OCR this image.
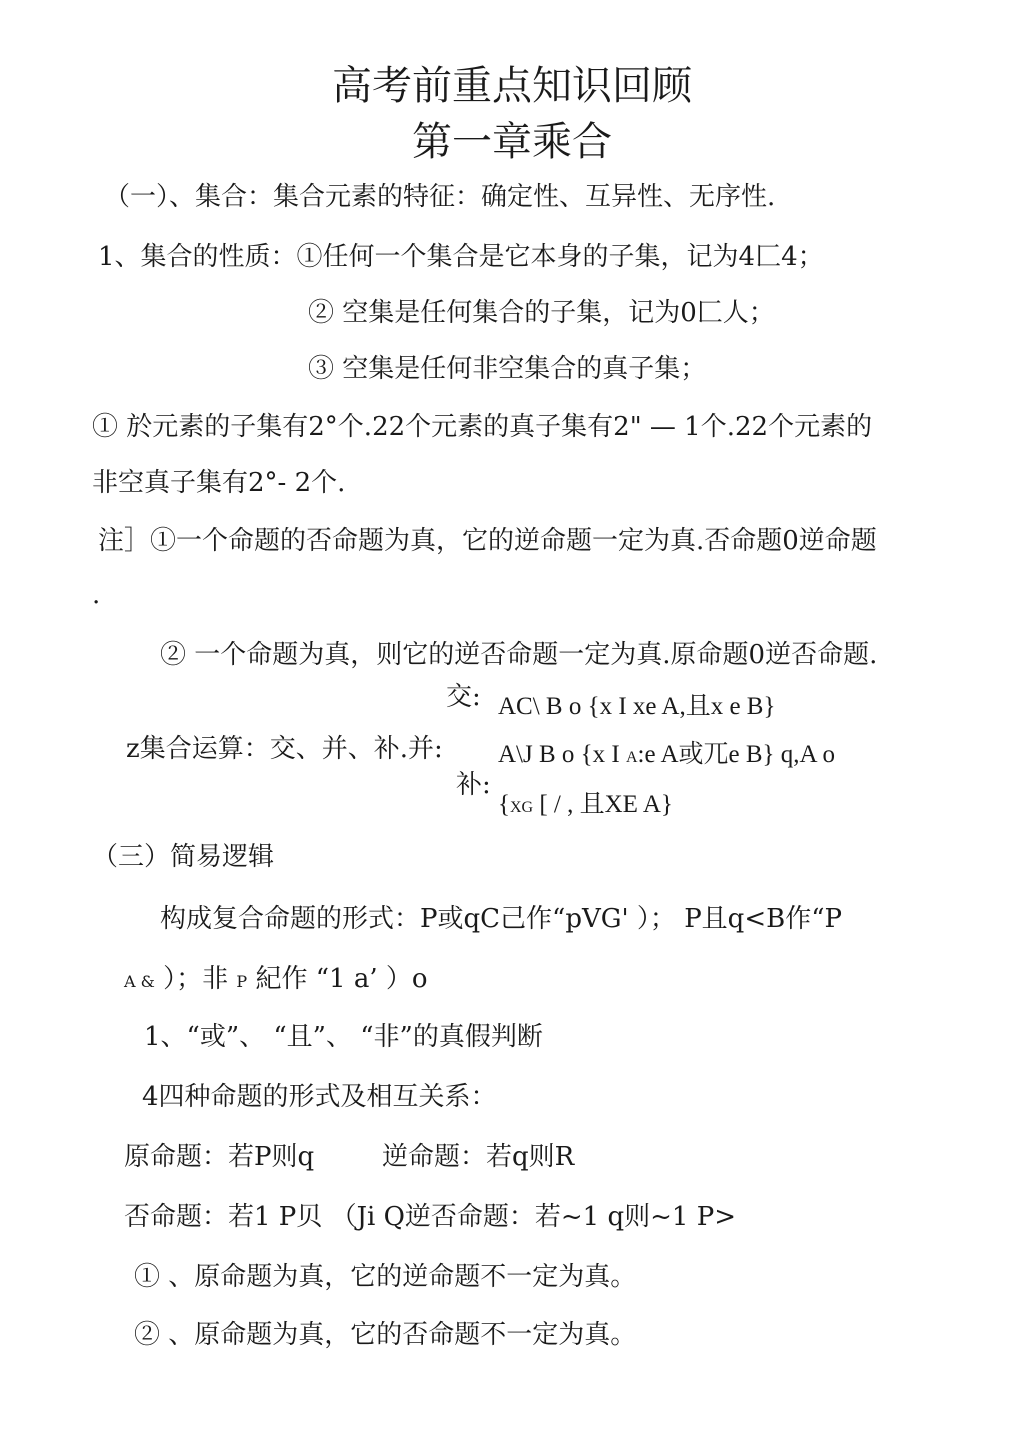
高考前重点知识回顾
第一章乘合
（一）、集合：集合元素的特征：确定性、互异性、无序性.
1、集合的性质：①任何一个集合是它本身的子集，记为4匚4；
② 空集是任何集合的子集，记为0匚人；
③ 空集是任何非空集合的真子集；
① 於元素的子集有2°个.22个元素的真子集有2" — 1个.22个元素的
非空真子集有2°- 2个.
注］①一个命题的否命题为真，它的逆命题一定为真.否命题0逆命题
.
② 一个命题为真，则它的逆否命题一定为真.原命题0逆否命题.
交: AC\ B o {x I xe A,且x e B}
z集合运算：交、并、补.并: A\J B o {x I A:e A或兀e B} q,A o
补:
{XG [ / , 且XE A}
（三）简易逻辑
构成复合命题的形式：P或qC己作“pVG' ）； P且q<B作“P
A & ）；非 P 紀作 “1 a’ ）o
1、“或”、 “且”、 “非”的真假判断
4四种命题的形式及相互关系：
原命题：若P则q	逆命题：若q则R
否命题：若1 P贝 （Ji Q逆否命题：若~1 q则~1 P>
① 、原命题为真，它的逆命题不一定为真。
② 、原命题为真，它的否命题不一定为真。
